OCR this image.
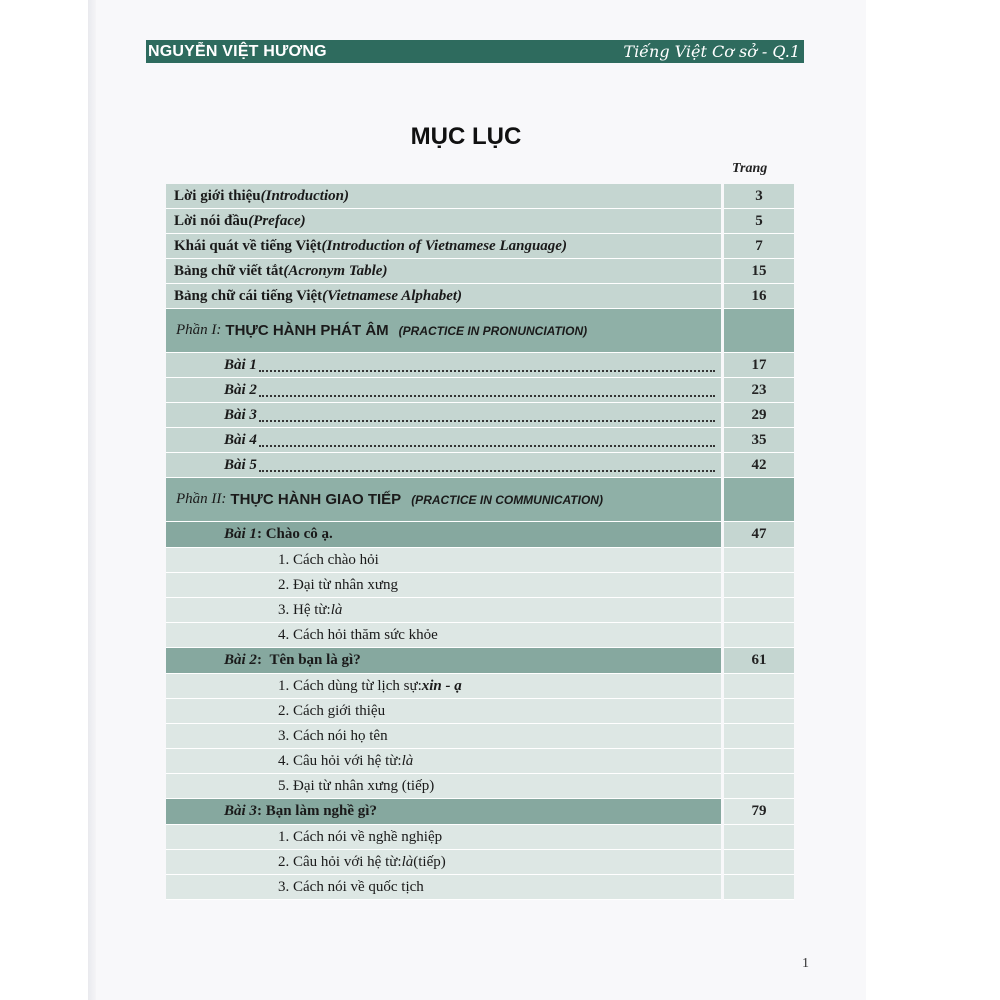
NGUYỄN VIỆT HƯƠNG	Tiếng Việt Cơ sở - Q.1
MỤC LỤC
Trang
Lời giới thiệu (Introduction)	3
Lời nói đầu (Preface)	5
Khái quát về tiếng Việt (Introduction of Vietnamese Language)	7
Bảng chữ viết tắt (Acronym Table)	15
Bảng chữ cái tiếng Việt (Vietnamese Alphabet)	16
Phần I: THỰC HÀNH PHÁT ÂM (PRACTICE IN PRONUNCIATION)
Bài 1	17
Bài 2	23
Bài 3	29
Bài 4	35
Bài 5	42
Phần II: THỰC HÀNH GIAO TIẾP (PRACTICE IN COMMUNICATION)
Bài 1 : Chào cô ạ.	47
1. Cách chào hỏi
2. Đại từ nhân xưng
3. Hệ từ: là
4. Cách hỏi thăm sức khỏe
Bài 2 : Tên bạn là gì?	61
1. Cách dùng từ lịch sự: xin - ạ
2. Cách giới thiệu
3. Cách nói họ tên
4. Câu hỏi với hệ từ: là
5. Đại từ nhân xưng (tiếp)
Bài 3 : Bạn làm nghề gì?	79
1. Cách nói về nghề nghiệp
2. Câu hỏi với hệ từ: là (tiếp)
3. Cách nói về quốc tịch
1
